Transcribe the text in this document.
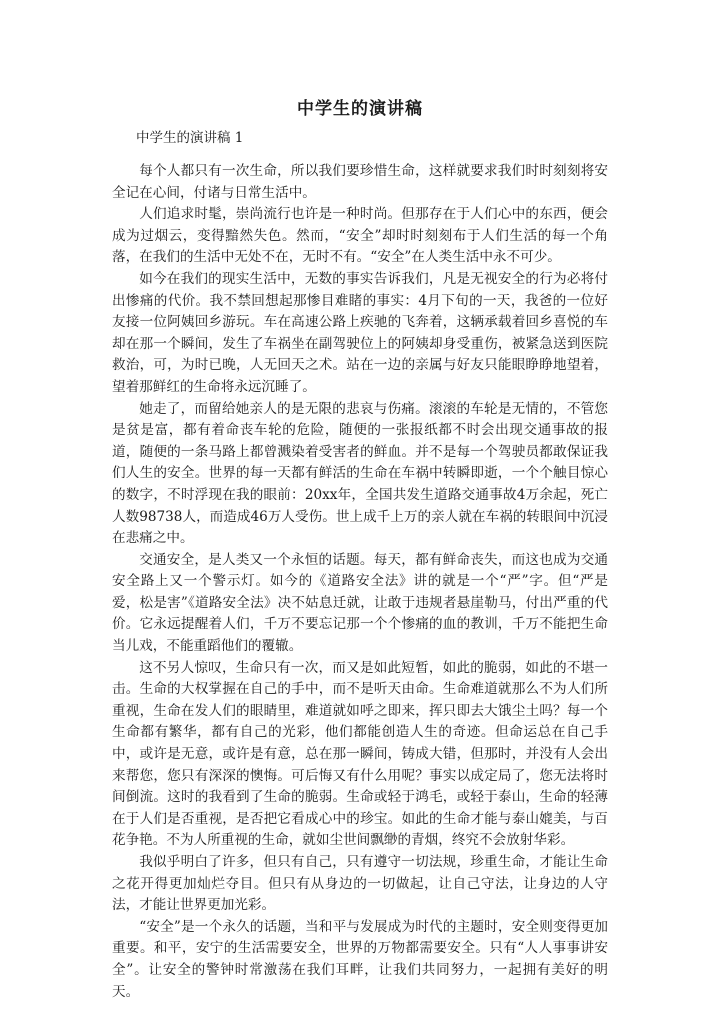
中学生的演讲稿
中学生的演讲稿 1

每个人都只有一次生命，所以我们要珍惜生命，这样就要求我们时时刻刻将安全记在心间，付诸与日常生活中。

人们追求时髦，崇尚流行也许是一种时尚。但那存在于人们心中的东西，便会成为过烟云，变得黯然失色。然而，“安全”却时时刻刻布于人们生活的每一个角落，在我们的生活中无处不在，无时不有。“安全”在人类生活中永不可少。

如今在我们的现实生活中，无数的事实告诉我们，凡是无视安全的行为必将付出惨痛的代价。我不禁回想起那惨目难睹的事实：4月下旬的一天，我爸的一位好友接一位阿姨回乡游玩。车在高速公路上疾驰的飞奔着，这辆承载着回乡喜悦的车却在那一个瞬间，发生了车祸坐在副驾驶位上的阿姨却身受重伤，被紧急送到医院救治，可，为时已晚，人无回天之术。站在一边的亲属与好友只能眼睁睁地望着，望着那鲜红的生命将永远沉睡了。

她走了，而留给她亲人的是无限的悲哀与伤痛。滚滚的车轮是无情的，不管您是贫是富，都有着命丧车轮的危险，随便的一张报纸都不时会出现交通事故的报道，随便的一条马路上都曾溅染着受害者的鲜血。并不是每一个驾驶员都敢保证我们人生的安全。世界的每一天都有鲜活的生命在车祸中转瞬即逝，一个个触目惊心的数字，不时浮现在我的眼前：20xx年，全国共发生道路交通事故4万余起，死亡人数98738人，而造成46万人受伤。世上成千上万的亲人就在车祸的转眼间中沉浸在悲痛之中。

交通安全，是人类又一个永恒的话题。每天，都有鲜命丧失，而这也成为交通安全路上又一个警示灯。如今的《道路安全法》讲的就是一个“严”字。但“严是爱，松是害”《道路安全法》决不姑息迁就，让敢于违规者悬崖勒马，付出严重的代价。它永远提醒着人们，千万不要忘记那一个个惨痛的血的教训，千万不能把生命当儿戏，不能重蹈他们的覆辙。

这不另人惊叹，生命只有一次，而又是如此短暂，如此的脆弱，如此的不堪一击。生命的大权掌握在自己的手中，而不是听天由命。生命难道就那么不为人们所重视，生命在发人们的眼睛里，难道就如呼之即来，挥只即去大饿尘土吗？每一个生命都有繁华，都有自己的光彩，他们都能创造人生的奇迹。但命运总在自己手中，或许是无意，或许是有意，总在那一瞬间，铸成大错，但那时，并没有人会出来帮您，您只有深深的懊悔。可后悔又有什么用呢？事实以成定局了，您无法将时间倒流。这时的我看到了生命的脆弱。生命或轻于鸿毛，或轻于泰山，生命的轻薄在于人们是否重视，是否把它看成心中的珍宝。如此的生命才能与泰山媲美，与百花争艳。不为人所重视的生命，就如尘世间飘缈的青烟，终究不会放射华彩。

我似乎明白了许多，但只有自己，只有遵守一切法规，珍重生命，才能让生命之花开得更加灿烂夺目。但只有从身边的一切做起，让自己守法，让身边的人守法，才能让世界更加光彩。

“安全”是一个永久的话题，当和平与发展成为时代的主题时，安全则变得更加重要。和平，安宁的生活需要安全，世界的万物都需要安全。只有“人人事事讲安全”。让安全的警钟时常激荡在我们耳畔，让我们共同努力，一起拥有美好的明天。
